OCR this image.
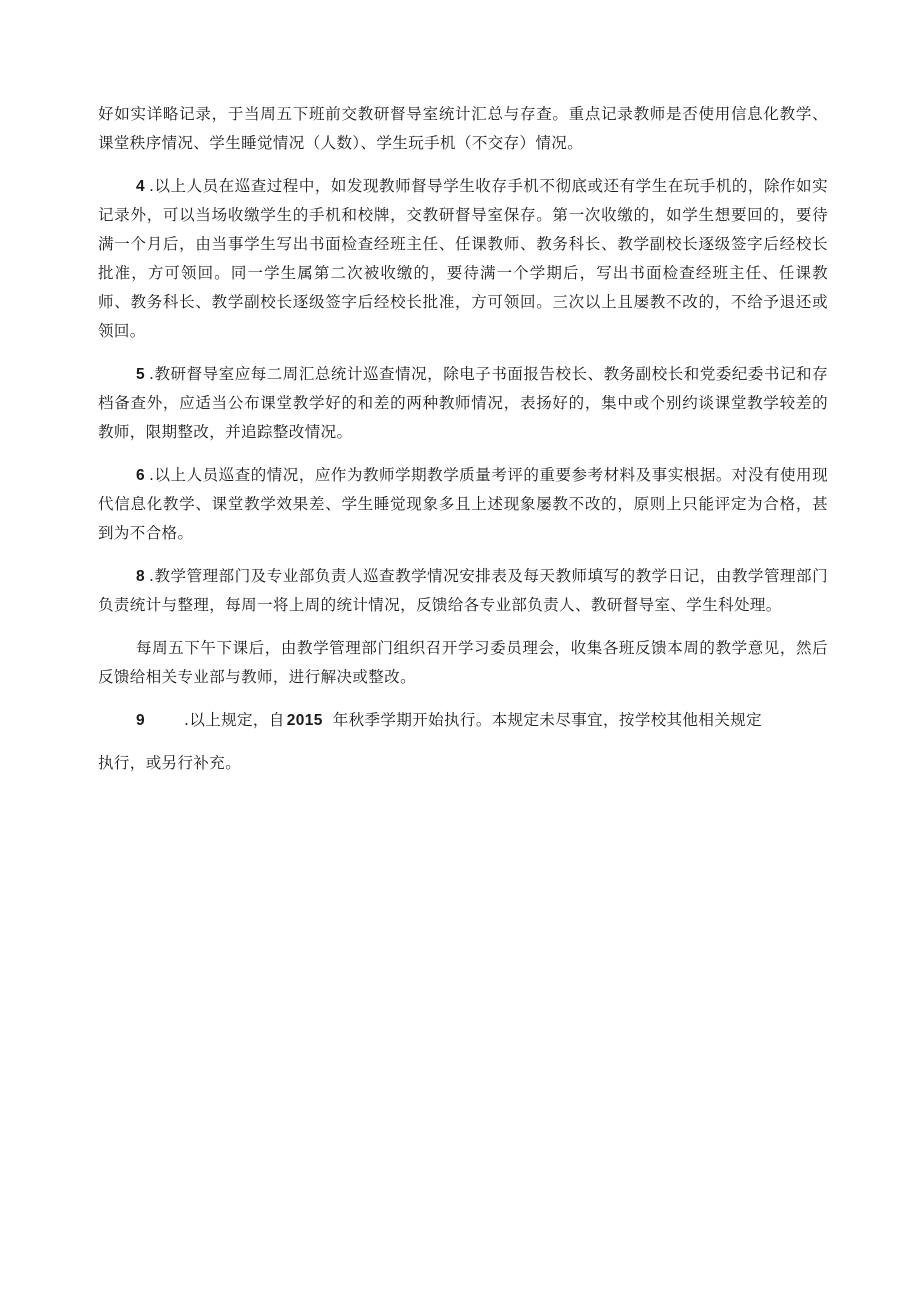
好如实详略记录，于当周五下班前交教研督导室统计汇总与存查。重点记录教师是否使用信息化教学、课堂秩序情况、学生睡觉情况（人数）、学生玩手机（不交存）情况。

4 .以上人员在巡查过程中，如发现教师督导学生收存手机不彻底或还有学生在玩手机的，除作如实记录外，可以当场收缴学生的手机和校牌，交教研督导室保存。第一次收缴的，如学生想要回的，要待满一个月后，由当事学生写出书面检查经班主任、任课教师、教务科长、教学副校长逐级签字后经校长批准，方可领回。同一学生属第二次被收缴的，要待满一个学期后，写出书面检查经班主任、任课教师、教务科长、教学副校长逐级签字后经校长批准，方可领回。三次以上且屡教不改的，不给予退还或领回。

5 .教研督导室应每二周汇总统计巡查情况，除电子书面报告校长、教务副校长和党委纪委书记和存档备查外，应适当公布课堂教学好的和差的两种教师情况，表扬好的，集中或个别约谈课堂教学较差的教师，限期整改，并追踪整改情况。

6 .以上人员巡查的情况，应作为教师学期教学质量考评的重要参考材料及事实根据。对没有使用现代信息化教学、课堂教学效果差、学生睡觉现象多且上述现象屡教不改的，原则上只能评定为合格，甚到为不合格。

8 .教学管理部门及专业部负责人巡查教学情况安排表及每天教师填写的教学日记，由教学管理部门负责统计与整理，每周一将上周的统计情况，反馈给各专业部负责人、教研督导室、学生科处理。

每周五下午下课后，由教学管理部门组织召开学习委员理会，收集各班反馈本周的教学意见，然后反馈给相关专业部与教师，进行解决或整改。

9	.以上规定，自 2015 年秋季学期开始执行。本规定未尽事宜，按学校其他相关规定

执行，或另行补充。
